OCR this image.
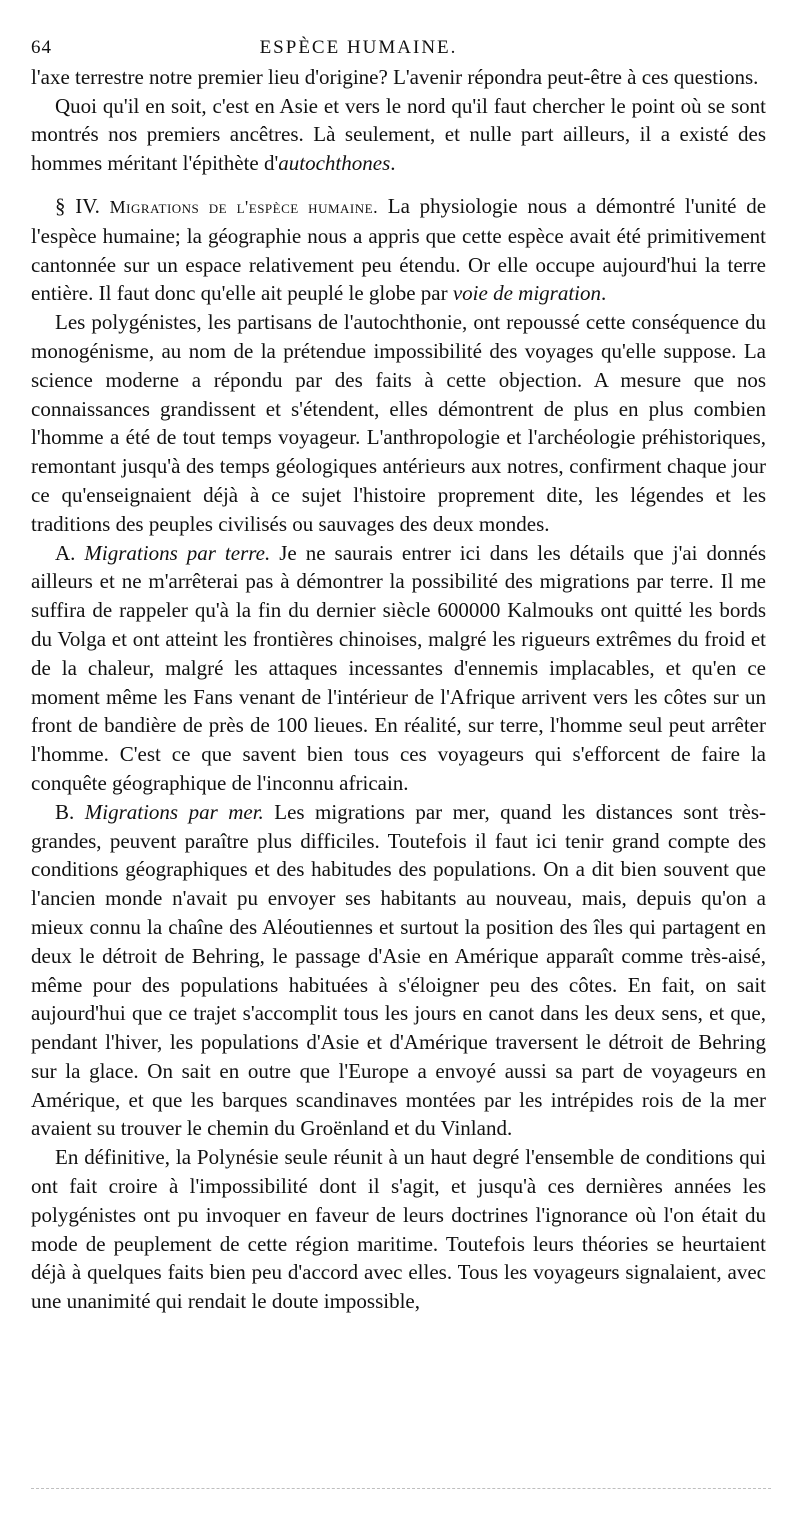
64	ESPÈCE HUMAINE.

l'axe terrestre notre premier lieu d'origine? L'avenir répondra peut-être à ces questions.

Quoi qu'il en soit, c'est en Asie et vers le nord qu'il faut chercher le point où se sont montrés nos premiers ancêtres. Là seulement, et nulle part ailleurs, il a existé des hommes méritant l'épithète d'autochthones.

§ IV. Migrations de l'espèce humaine. La physiologie nous a démontré l'unité de l'espèce humaine; la géographie nous a appris que cette espèce avait été primitivement cantonnée sur un espace relativement peu étendu. Or elle occupe aujourd'hui la terre entière. Il faut donc qu'elle ait peuplé le globe par voie de migration.

Les polygénistes, les partisans de l'autochthonie, ont repoussé cette conséquence du monogénisme, au nom de la prétendue impossibilité des voyages qu'elle suppose. La science moderne a répondu par des faits à cette objection. A mesure que nos connaissances grandissent et s'étendent, elles démontrent de plus en plus combien l'homme a été de tout temps voyageur. L'anthropologie et l'archéologie préhistoriques, remontant jusqu'à des temps géologiques antérieurs aux notres, confirment chaque jour ce qu'enseignaient déjà à ce sujet l'histoire proprement dite, les légendes et les traditions des peuples civilisés ou sauvages des deux mondes.

A. Migrations par terre. Je ne saurais entrer ici dans les détails que j'ai donnés ailleurs et ne m'arrêterai pas à démontrer la possibilité des migrations par terre. Il me suffira de rappeler qu'à la fin du dernier siècle 600000 Kalmouks ont quitté les bords du Volga et ont atteint les frontières chinoises, malgré les rigueurs extrêmes du froid et de la chaleur, malgré les attaques incessantes d'ennemis implacables, et qu'en ce moment même les Fans venant de l'intérieur de l'Afrique arrivent vers les côtes sur un front de bandière de près de 100 lieues. En réalité, sur terre, l'homme seul peut arrêter l'homme. C'est ce que savent bien tous ces voyageurs qui s'efforcent de faire la conquête géographique de l'inconnu africain.

B. Migrations par mer. Les migrations par mer, quand les distances sont très-grandes, peuvent paraître plus difficiles. Toutefois il faut ici tenir grand compte des conditions géographiques et des habitudes des populations. On a dit bien souvent que l'ancien monde n'avait pu envoyer ses habitants au nouveau, mais, depuis qu'on a mieux connu la chaîne des Aléoutiennes et surtout la position des îles qui partagent en deux le détroit de Behring, le passage d'Asie en Amérique apparaît comme très-aisé, même pour des populations habituées à s'éloigner peu des côtes. En fait, on sait aujourd'hui que ce trajet s'accomplit tous les jours en canot dans les deux sens, et que, pendant l'hiver, les populations d'Asie et d'Amérique traversent le détroit de Behring sur la glace. On sait en outre que l'Europe a envoyé aussi sa part de voyageurs en Amérique, et que les barques scandinaves montées par les intrépides rois de la mer avaient su trouver le chemin du Groënland et du Vinland.

En définitive, la Polynésie seule réunit à un haut degré l'ensemble de conditions qui ont fait croire à l'impossibilité dont il s'agit, et jusqu'à ces dernières années les polygénistes ont pu invoquer en faveur de leurs doctrines l'ignorance où l'on était du mode de peuplement de cette région maritime. Toutefois leurs théories se heurtaient déjà à quelques faits bien peu d'accord avec elles. Tous les voyageurs signalaient, avec une unanimité qui rendait le doute impossible,
